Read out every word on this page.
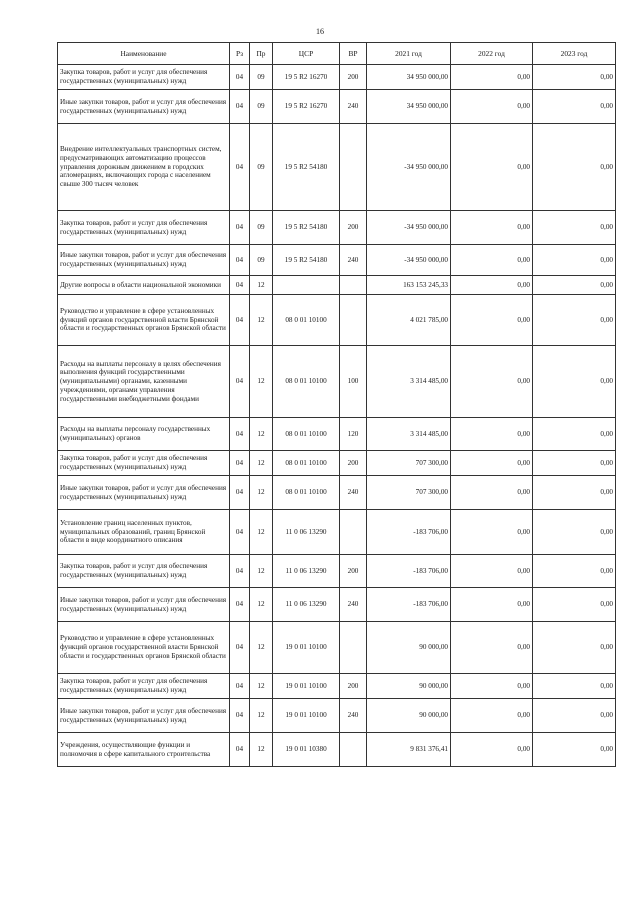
16
Наименование	Рз	Пр	ЦСР	ВР	2021 год	2022 год	2023 год
Закупка товаров, работ и услуг для обеспечения государственных (муниципальных) нужд	04	09	19 5 R2 16270	200	34 950 000,00	0,00	0,00
Иные закупки товаров, работ и услуг для обеспечения государственных (муниципальных) нужд	04	09	19 5 R2 16270	240	34 950 000,00	0,00	0,00
Внедрение интеллектуальных транспортных систем, предусматривающих автоматизацию процессов управления дорожным движением в городских агломерациях, включающих города с населением свыше 300 тысяч человек	04	09	19 5 R2 54180		-34 950 000,00	0,00	0,00
Закупка товаров, работ и услуг для обеспечения государственных (муниципальных) нужд	04	09	19 5 R2 54180	200	-34 950 000,00	0,00	0,00
Иные закупки товаров, работ и услуг для обеспечения государственных (муниципальных) нужд	04	09	19 5 R2 54180	240	-34 950 000,00	0,00	0,00
Другие вопросы в области национальной экономики	04	12			163 153 245,33	0,00	0,00
Руководство и управление в сфере установленных функций органов государственной власти Брянской области и государственных органов Брянской области	04	12	08 0 01 10100		4 021 785,00	0,00	0,00
Расходы на выплаты персоналу в целях обеспечения выполнения функций государственными (муниципальными) органами, казенными учреждениями, органами управления государственными внебюджетными фондами	04	12	08 0 01 10100	100	3 314 485,00	0,00	0,00
Расходы на выплаты персоналу государственных (муниципальных) органов	04	12	08 0 01 10100	120	3 314 485,00	0,00	0,00
Закупка товаров, работ и услуг для обеспечения государственных (муниципальных) нужд	04	12	08 0 01 10100	200	707 300,00	0,00	0,00
Иные закупки товаров, работ и услуг для обеспечения государственных (муниципальных) нужд	04	12	08 0 01 10100	240	707 300,00	0,00	0,00
Установление границ населенных пунктов, муниципальных образований, границ Брянской области в виде координатного описания	04	12	11 0 06 13290		-183 706,00	0,00	0,00
Закупка товаров, работ и услуг для обеспечения государственных (муниципальных) нужд	04	12	11 0 06 13290	200	-183 706,00	0,00	0,00
Иные закупки товаров, работ и услуг для обеспечения государственных (муниципальных) нужд	04	12	11 0 06 13290	240	-183 706,00	0,00	0,00
Руководство и управление в сфере установленных функций органов государственной власти Брянской области и государственных органов Брянской области	04	12	19 0 01 10100		90 000,00	0,00	0,00
Закупка товаров, работ и услуг для обеспечения государственных (муниципальных) нужд	04	12	19 0 01 10100	200	90 000,00	0,00	0,00
Иные закупки товаров, работ и услуг для обеспечения государственных (муниципальных) нужд	04	12	19 0 01 10100	240	90 000,00	0,00	0,00
Учреждения, осуществляющие функции и полномочия в сфере капитального строительства	04	12	19 0 01 10380		9 831 376,41	0,00	0,00
